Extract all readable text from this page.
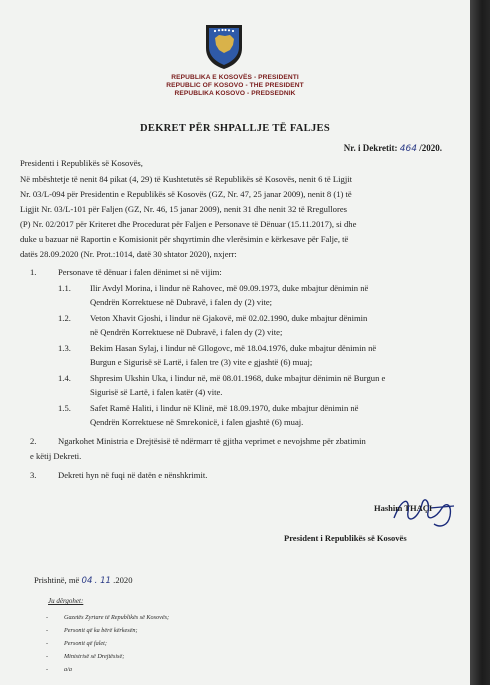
REPUBLIKA E KOSOVËS - PRESIDENTI
REPUBLIC OF KOSOVO - THE PRESIDENT
REPUBLIKA KOSOVO - PREDSEDNIK
DEKRET PËR SHPALLJE TË FALJES
Nr. i Dekretit: 464 /2020.
Presidenti i Republikës së Kosovës,
Në mbështetje të nenit 84 pikat (4, 29) të Kushtetutës së Republikës së Kosovës, nenit 6 të Ligjit
Nr. 03/L-094 për Presidentin e Republikës së Kosovës (GZ, Nr. 47, 25 janar 2009), nenit 8 (1) të
Ligjit Nr. 03/L-101 për Faljen (GZ, Nr. 46, 15 janar 2009), nenit 31 dhe nenit 32 të Rregullores
(P) Nr. 02/2017 për Kriteret dhe Procedurat për Faljen e Personave të Dënuar (15.11.2017), si dhe
duke u bazuar në Raportin e Komisionit për shqyrtimin dhe vlerësimin e kërkesave për Falje, të
datës 28.09.2020 (Nr. Prot.:1014, datë 30 shtator 2020), nxjerr:
1.	Personave të dënuar i falen dënimet si në vijim:
1.1. Ilir Avdyl Morina, i lindur në Rahovec, më 09.09.1973, duke mbajtur dënimin në
Qendrën Korrektuese në Dubravë, i falen dy (2) vite;
1.2. Veton Xhavit Gjoshi, i lindur në Gjakovë, më 02.02.1990, duke mbajtur dënimin
në Qendrën Korrektuese në Dubravë, i falen dy (2) vite;
1.3. Bekim Hasan Sylaj, i lindur në Gllogovc, më 18.04.1976, duke mbajtur dënimin në
Burgun e Sigurisë së Lartë, i falen tre (3) vite e gjashtë (6) muaj;
1.4. Shpresim Ukshin Uka, i lindur në, më 08.01.1968, duke mbajtur dënimin në Burgun e
Sigurisë së Lartë, i falen katër (4) vite.
1.5. Safet Ramë Haliti, i lindur në Klinë, më 18.09.1970, duke mbajtur dënimin në
Qendrën Korrektuese në Smrekonicë, i falen gjashtë (6) muaj.
2.	Ngarkohet Ministria e Drejtësisë të ndërmarr të gjitha veprimet e nevojshme për zbatimin
e këtij Dekreti.
3.	Dekreti hyn në fuqi në datën e nënshkrimit.
Hashim THAÇI
President i Republikës së Kosovës
Prishtinë, më 04 . 11 .2020
Ju dërgohet:
-	Gazetës Zyrtare të Republikës së Kosovës;
-	Personit që ka bërë kërkesën;
-	Personit që falet;
-	Ministrisë së Drejtësisë;
-	a/a
